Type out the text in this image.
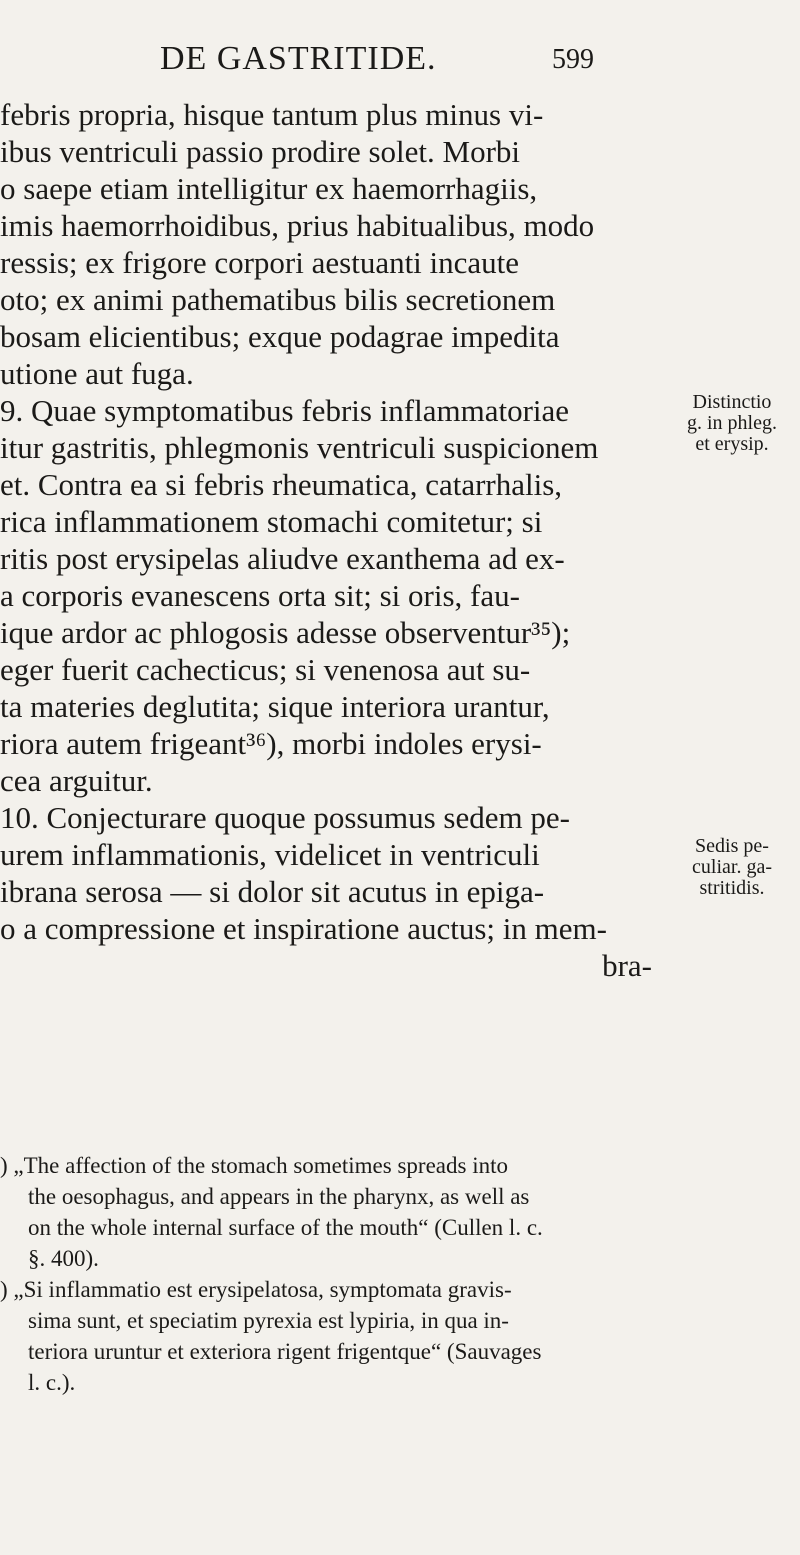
DE GASTRITIDE.	599
febris propria, hisque tantum plus minus vi-
ibus ventriculi passio prodire solet. Morbi
o saepe etiam intelligitur ex haemorrhagiis,
imis haemorrhoidibus, prius habitualibus, modo
ressis; ex frigore corpori aestuanti incaute
oto; ex animi pathematibus bilis secretionem
bosam elicientibus; exque podagrae impedita
utione aut fuga.
9. Quae symptomatibus febris inflammatoriae
itur gastritis, phlegmonis ventriculi suspicionem
et. Contra ea si febris rheumatica, catarrhalis,
rica inflammationem stomachi comitetur; si
ritis post erysipelas aliudve exanthema ad ex-
a corporis evanescens orta sit; si oris, fau-
ique ardor ac phlogosis adesse observentur³⁵);
eger fuerit cachecticus; si venenosa aut su-
ta materies deglutita; sique interiora urantur,
riora autem frigeant³⁶), morbi indoles erysi-
cea arguitur.
10. Conjecturare quoque possumus sedem pe-
urem inflammationis, videlicet in ventriculi
ibrana serosa — si dolor sit acutus in epiga-
o a compressione et inspiratione auctus; in mem-
bra-
Distinctio
g. in phleg.
et erysip.
Sedis pe-
culiar. ga-
stritidis.
) „The affection of the stomach sometimes spreads into
the oesophagus, and appears in the pharynx, as well as
on the whole internal surface of the mouth“ (Cullen l. c.
§. 400).
) „Si inflammatio est erysipelatosa, symptomata gravis-
sima sunt, et speciatim pyrexia est lypiria, in qua in-
teriora uruntur et exteriora rigent frigentque“ (Sauvages
l. c.).
